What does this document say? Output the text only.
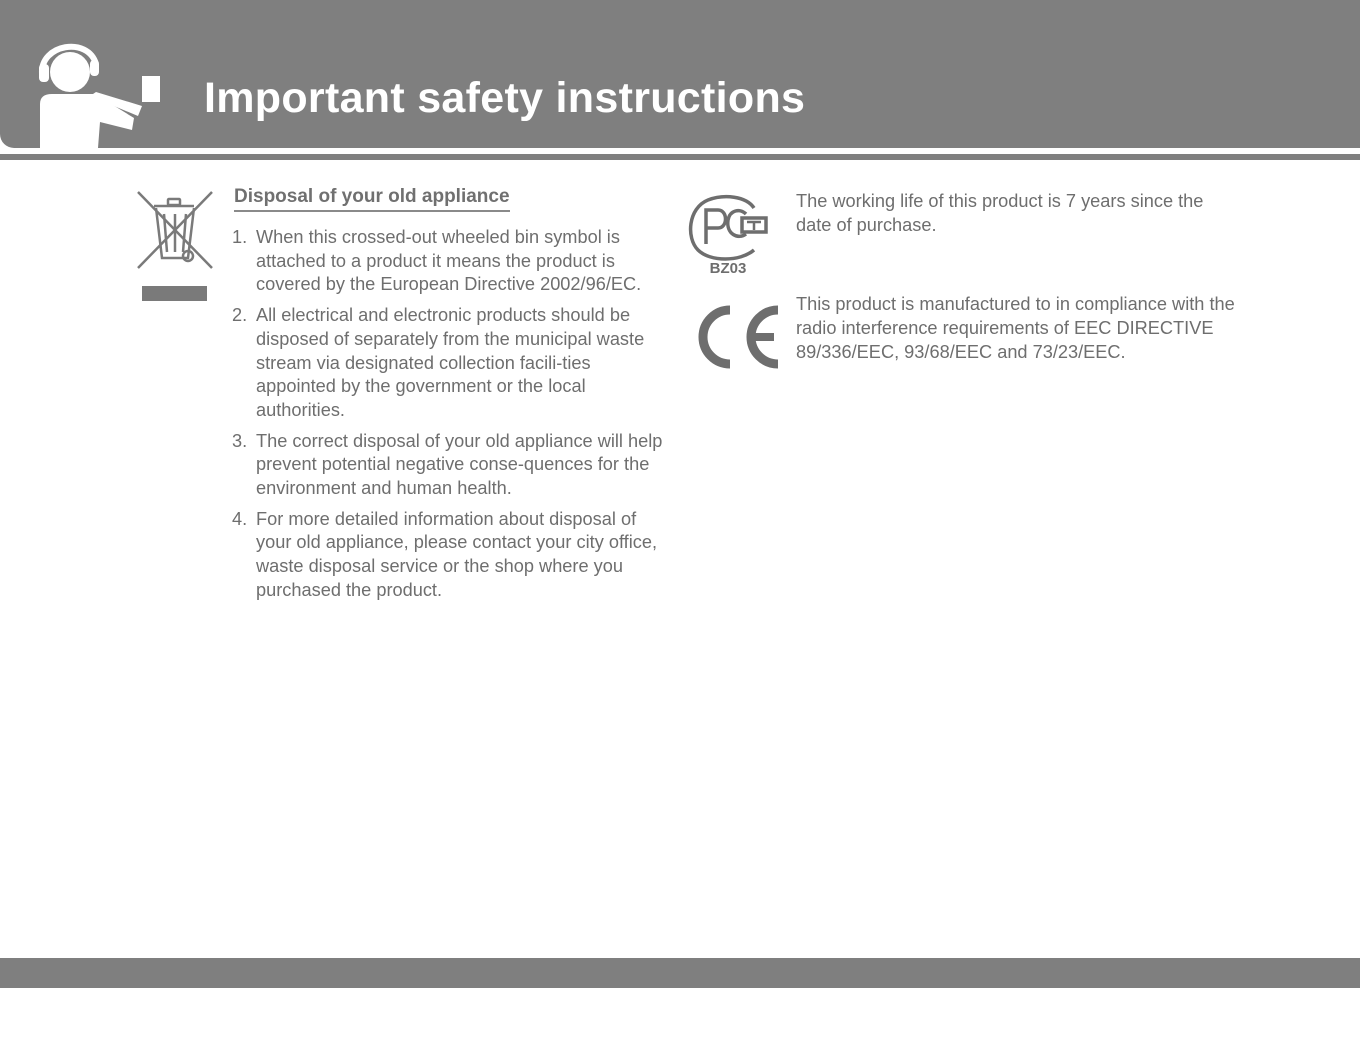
Important safety instructions
Disposal of your old appliance
1. When this crossed-out wheeled bin symbol is attached to a product it means the product is covered by the European Directive 2002/96/EC.
2. All electrical and electronic products should be disposed of separately from the municipal waste stream via designated collection facili-ties appointed by the government or the local authorities.
3. The correct disposal of your old appliance will help prevent potential negative conse-quences for the environment and human health.
4. For more detailed information about disposal of your old appliance, please contact your city office, waste disposal service or the shop where you purchased the product.
BZ03

The working life of this product is 7 years since the date of purchase.

This product is manufactured to in compliance with the radio interference requirements of EEC DIRECTIVE 89/336/EEC, 93/68/EEC and 73/23/EEC.
